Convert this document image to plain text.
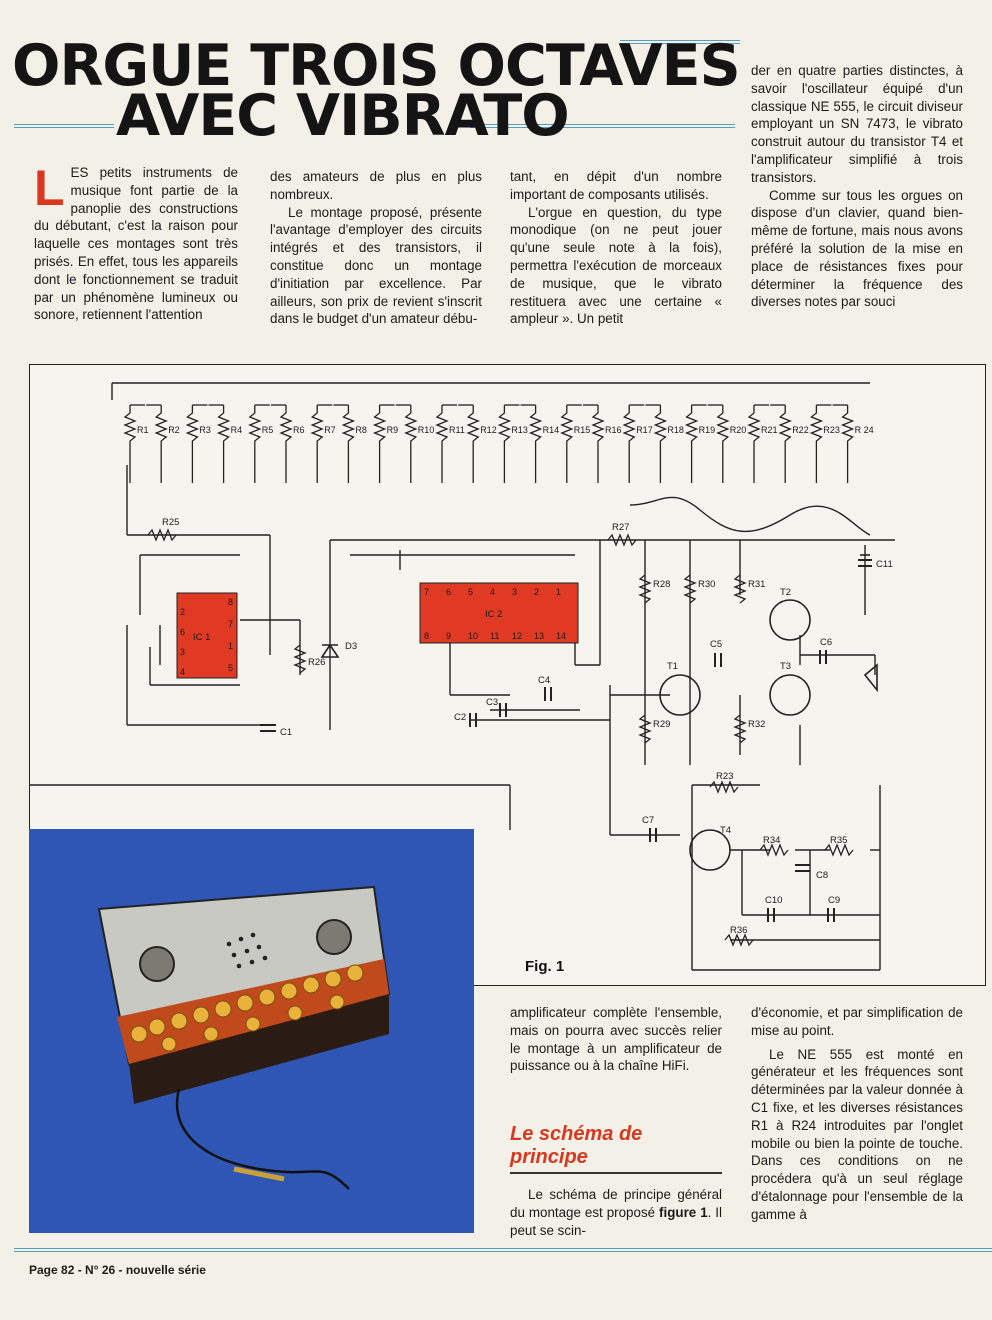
ORGUE TROIS OCTAVES
AVEC VIBRATO

LES petits instruments de musique font partie de la panoplie des constructions du débutant, c'est la raison pour laquelle ces montages sont très prisés. En effet, tous les appareils dont le fonctionnement se traduit par un phénomène lumineux ou sonore, retiennent l'attention

des amateurs de plus en plus nombreux.

Le montage proposé, présente l'avantage d'employer des circuits intégrés et des transistors, il constitue donc un montage d'initiation par excellence. Par ailleurs, son prix de revient s'inscrit dans le budget d'un amateur débu-

tant, en dépit d'un nombre important de composants utilisés.

L'orgue en question, du type monodique (on ne peut jouer qu'une seule note à la fois), permettra l'exécution de morceaux de musique, que le vibrato restituera avec une certaine « ampleur ». Un petit

der en quatre parties distinctes, à savoir l'oscillateur équipé d'un classique NE 555, le circuit diviseur employant un SN 7473, le vibrato construit autour du transistor T4 et l'amplificateur simplifié à trois transistors.

Comme sur tous les orgues on dispose d'un clavier, quand bien-même de fortune, mais nous avons préféré la solution de la mise en place de résistances fixes pour déterminer la fréquence des diverses notes par souci

R1 R2 R3 R4 R5 R6 R7 R8 R9 R10 R11 R12 R13 R14 R15 R16 R17 R18 R19 R20 R21 R22 R23 R 24
R25
IC 1
IC 2
R26
C1
D3
R27
R28
R29
R30	R31
R32
C2
C3
C4
C5	C6
C7
C8
C9
C10
C11
T1
T2
T3
T4
R23
R34	R35
R36
2
6
3
4
8
7
1
5
7 6 5 4 3 2 1
8 9 10 11 12 13 14
Fig. 1

amplificateur complète l'ensemble, mais on pourra avec succès relier le montage à un amplificateur de puissance ou à la chaîne HiFi.

Le schéma de principe

Le schéma de principe général du montage est proposé figure 1. Il peut se scin-

d'économie, et par simplification de mise au point.

Le NE 555 est monté en générateur et les fréquences sont déterminées par la valeur donnée à C1 fixe, et les diverses résistances R1 à R24 introduites par l'onglet mobile ou bien la pointe de touche. Dans ces conditions on ne procédera qu'à un seul réglage d'étalonnage pour l'ensemble de la gamme à

Page 82 - N° 26 - nouvelle série
